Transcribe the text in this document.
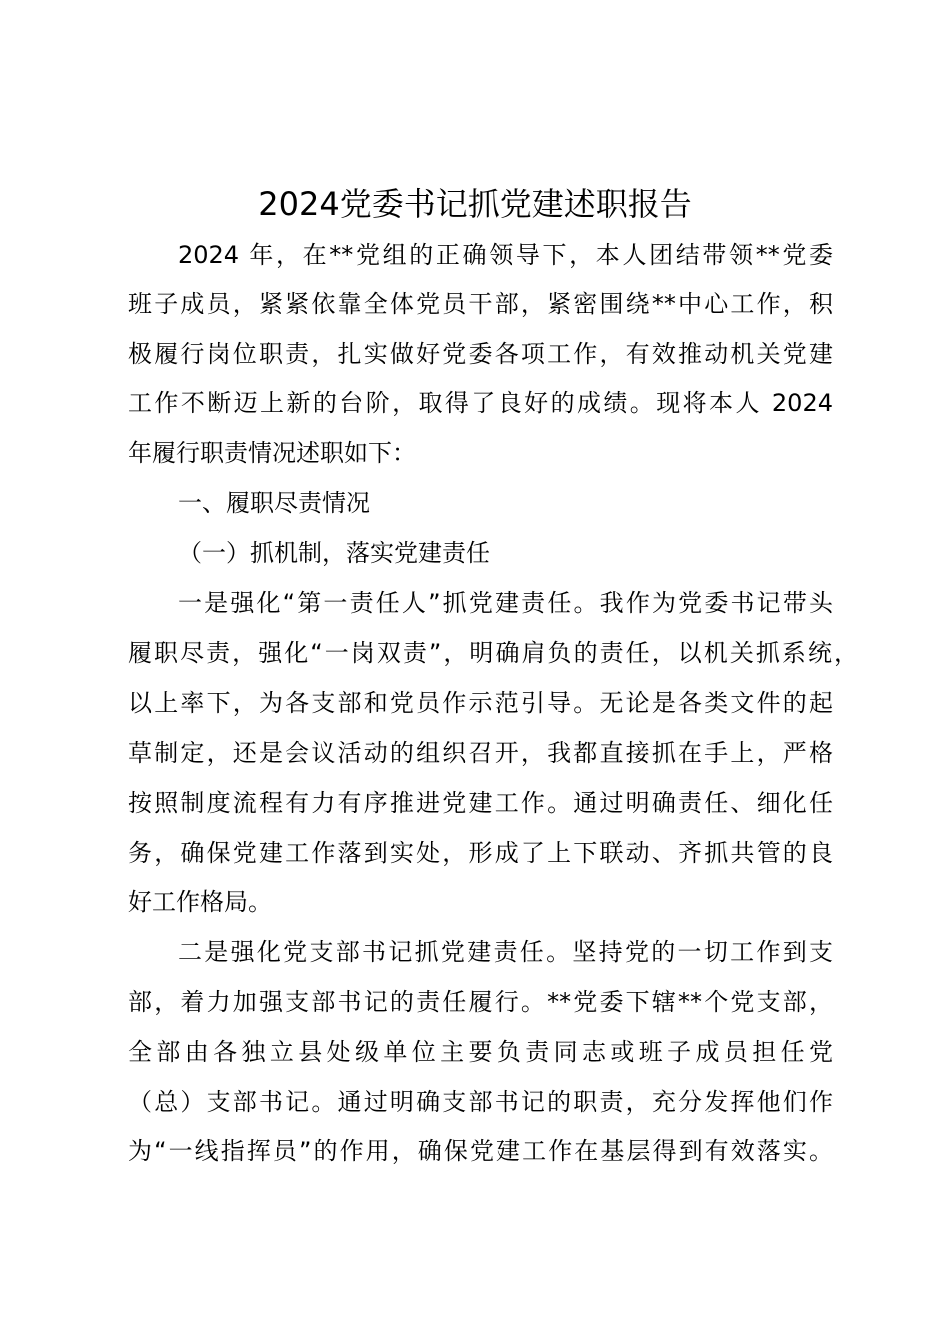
2024党委书记抓党建述职报告
2024 年，在**党组的正确领导下，本人团结带领**党委
班子成员，紧紧依靠全体党员干部，紧密围绕**中心工作，积
极履行岗位职责，扎实做好党委各项工作，有效推动机关党建
工作不断迈上新的台阶，取得了良好的成绩。现将本人 2024
年履行职责情况述职如下：
一、履职尽责情况
（一）抓机制，落实党建责任
一是强化“第一责任人”抓党建责任。我作为党委书记带头
履职尽责，强化“一岗双责”，明确肩负的责任，以机关抓系统，
以上率下，为各支部和党员作示范引导。无论是各类文件的起
草制定，还是会议活动的组织召开，我都直接抓在手上，严格
按照制度流程有力有序推进党建工作。通过明确责任、细化任
务，确保党建工作落到实处，形成了上下联动、齐抓共管的良
好工作格局。
二是强化党支部书记抓党建责任。坚持党的一切工作到支
部，着力加强支部书记的责任履行。**党委下辖**个党支部，
全部由各独立县处级单位主要负责同志或班子成员担任党
（总）支部书记。通过明确支部书记的职责，充分发挥他们作
为“一线指挥员”的作用，确保党建工作在基层得到有效落实。
